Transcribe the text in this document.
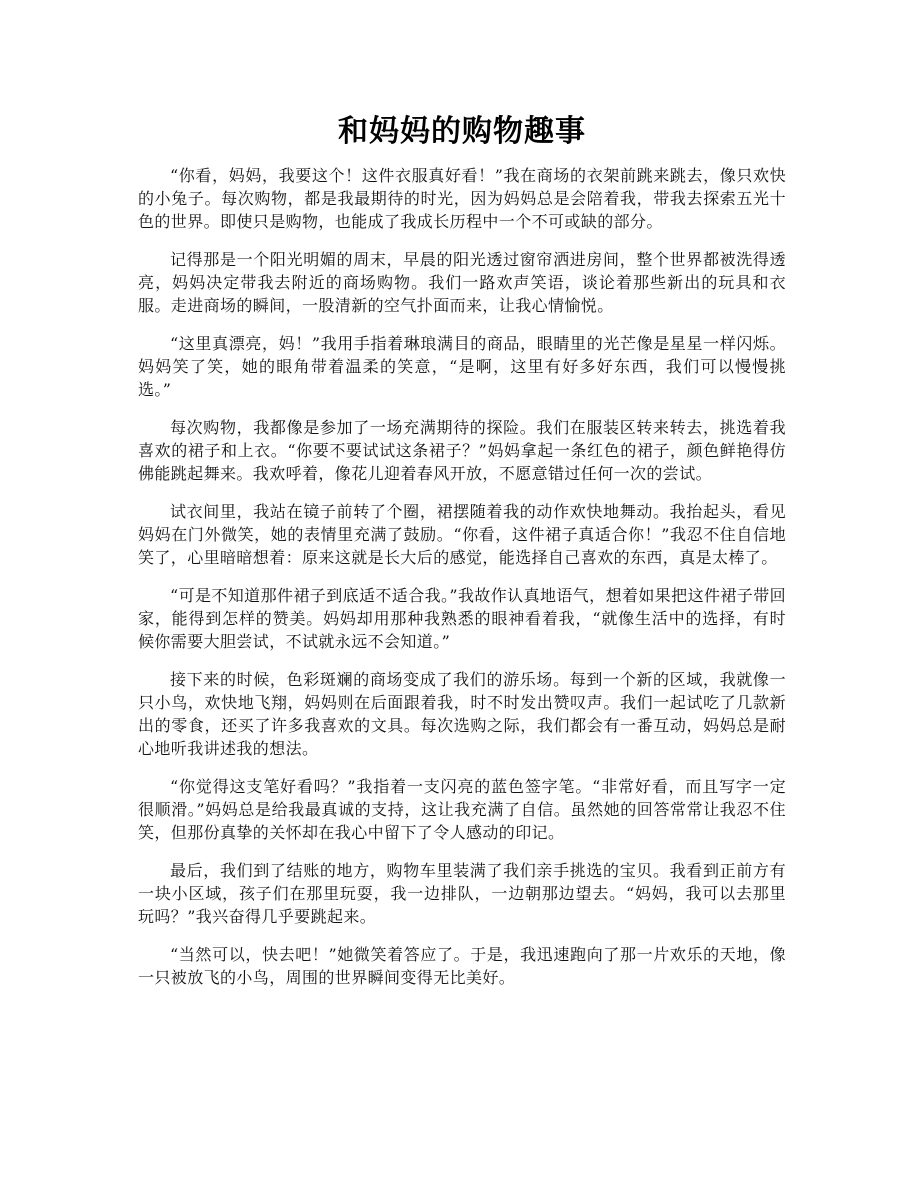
和妈妈的购物趣事

“你看，妈妈，我要这个！这件衣服真好看！”我在商场的衣架前跳来跳去，像只欢快的小兔子。每次购物，都是我最期待的时光，因为妈妈总是会陪着我，带我去探索五光十色的世界。即使只是购物，也能成了我成长历程中一个不可或缺的部分。

记得那是一个阳光明媚的周末，早晨的阳光透过窗帘洒进房间，整个世界都被洗得透亮，妈妈决定带我去附近的商场购物。我们一路欢声笑语，谈论着那些新出的玩具和衣服。走进商场的瞬间，一股清新的空气扑面而来，让我心情愉悦。

“这里真漂亮，妈！”我用手指着琳琅满目的商品，眼睛里的光芒像是星星一样闪烁。妈妈笑了笑，她的眼角带着温柔的笑意，“是啊，这里有好多好东西，我们可以慢慢挑选。”

每次购物，我都像是参加了一场充满期待的探险。我们在服装区转来转去，挑选着我喜欢的裙子和上衣。“你要不要试试这条裙子？”妈妈拿起一条红色的裙子，颜色鲜艳得仿佛能跳起舞来。我欢呼着，像花儿迎着春风开放，不愿意错过任何一次的尝试。

试衣间里，我站在镜子前转了个圈，裙摆随着我的动作欢快地舞动。我抬起头，看见妈妈在门外微笑，她的表情里充满了鼓励。“你看，这件裙子真适合你！”我忍不住自信地笑了，心里暗暗想着：原来这就是长大后的感觉，能选择自己喜欢的东西，真是太棒了。

“可是不知道那件裙子到底适不适合我。”我故作认真地语气，想着如果把这件裙子带回家，能得到怎样的赞美。妈妈却用那种我熟悉的眼神看着我，“就像生活中的选择，有时候你需要大胆尝试，不试就永远不会知道。”

接下来的时候，色彩斑斓的商场变成了我们的游乐场。每到一个新的区域，我就像一只小鸟，欢快地飞翔，妈妈则在后面跟着我，时不时发出赞叹声。我们一起试吃了几款新出的零食，还买了许多我喜欢的文具。每次选购之际，我们都会有一番互动，妈妈总是耐心地听我讲述我的想法。

“你觉得这支笔好看吗？”我指着一支闪亮的蓝色签字笔。“非常好看，而且写字一定很顺滑。”妈妈总是给我最真诚的支持，这让我充满了自信。虽然她的回答常常让我忍不住笑，但那份真挚的关怀却在我心中留下了令人感动的印记。

最后，我们到了结账的地方，购物车里装满了我们亲手挑选的宝贝。我看到正前方有一块小区域，孩子们在那里玩耍，我一边排队，一边朝那边望去。“妈妈，我可以去那里玩吗？”我兴奋得几乎要跳起来。

“当然可以，快去吧！”她微笑着答应了。于是，我迅速跑向了那一片欢乐的天地，像一只被放飞的小鸟，周围的世界瞬间变得无比美好。
